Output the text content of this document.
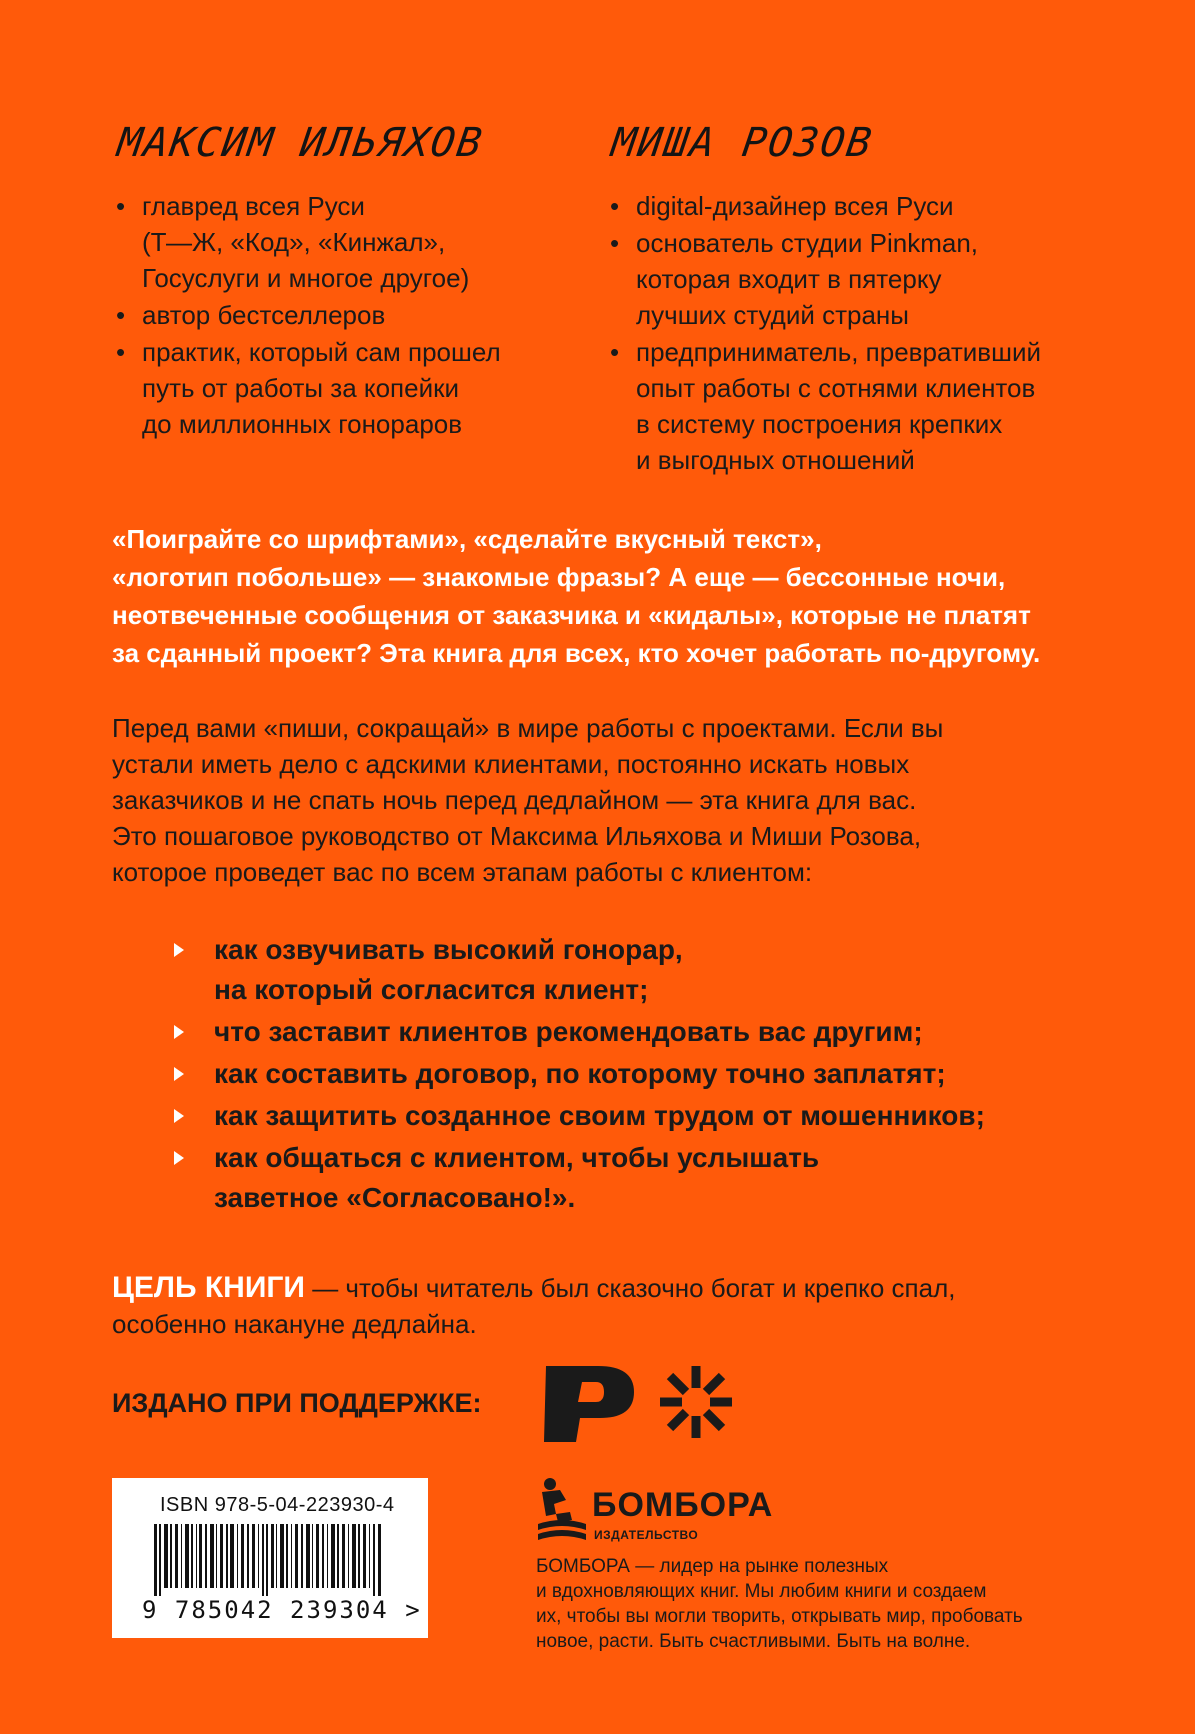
МАКСИМ ИЛЬЯХОВ
• главред всея Руси
(Т—Ж, «Код», «Кинжал»,
Госуслуги и многое другое)
• автор бестселлеров
• практик, который сам прошел
путь от работы за копейки
до миллионных гонораров
МИША РОЗОВ
• digital-дизайнер всея Руси
• основатель студии Pinkman,
которая входит в пятерку
лучших студий страны
• предприниматель, превративший
опыт работы с сотнями клиентов
в систему построения крепких
и выгодных отношений
«Поиграйте со шрифтами», «сделайте вкусный текст»,
«логотип побольше» — знакомые фразы? А еще — бессонные ночи,
неотвеченные сообщения от заказчика и «кидалы», которые не платят
за сданный проект? Эта книга для всех, кто хочет работать по-другому.
Перед вами «пиши, сокращай» в мире работы с проектами. Если вы
устали иметь дело с адскими клиентами, постоянно искать новых
заказчиков и не спать ночь перед дедлайном — эта книга для вас.
Это пошаговое руководство от Максима Ильяхова и Миши Розова,
которое проведет вас по всем этапам работы с клиентом:
как озвучивать высокий гонорар,
на который согласится клиент;
что заставит клиентов рекомендовать вас другим;
как составить договор, по которому точно заплатят;
как защитить созданное своим трудом от мошенников;
как общаться с клиентом, чтобы услышать
заветное «Согласовано!».
ЦЕЛЬ КНИГИ — чтобы читатель был сказочно богат и крепко спал,
особенно накануне дедлайна.
ИЗДАНО ПРИ ПОДДЕРЖКЕ:
ISBN 978-5-04-223930-4
9 785042 239304 >
БОМБОРА
ИЗДАТЕЛЬСТВО
БОМБОРА — лидер на рынке полезных
и вдохновляющих книг. Мы любим книги и создаем
их, чтобы вы могли творить, открывать мир, пробовать
новое, расти. Быть счастливыми. Быть на волне.
